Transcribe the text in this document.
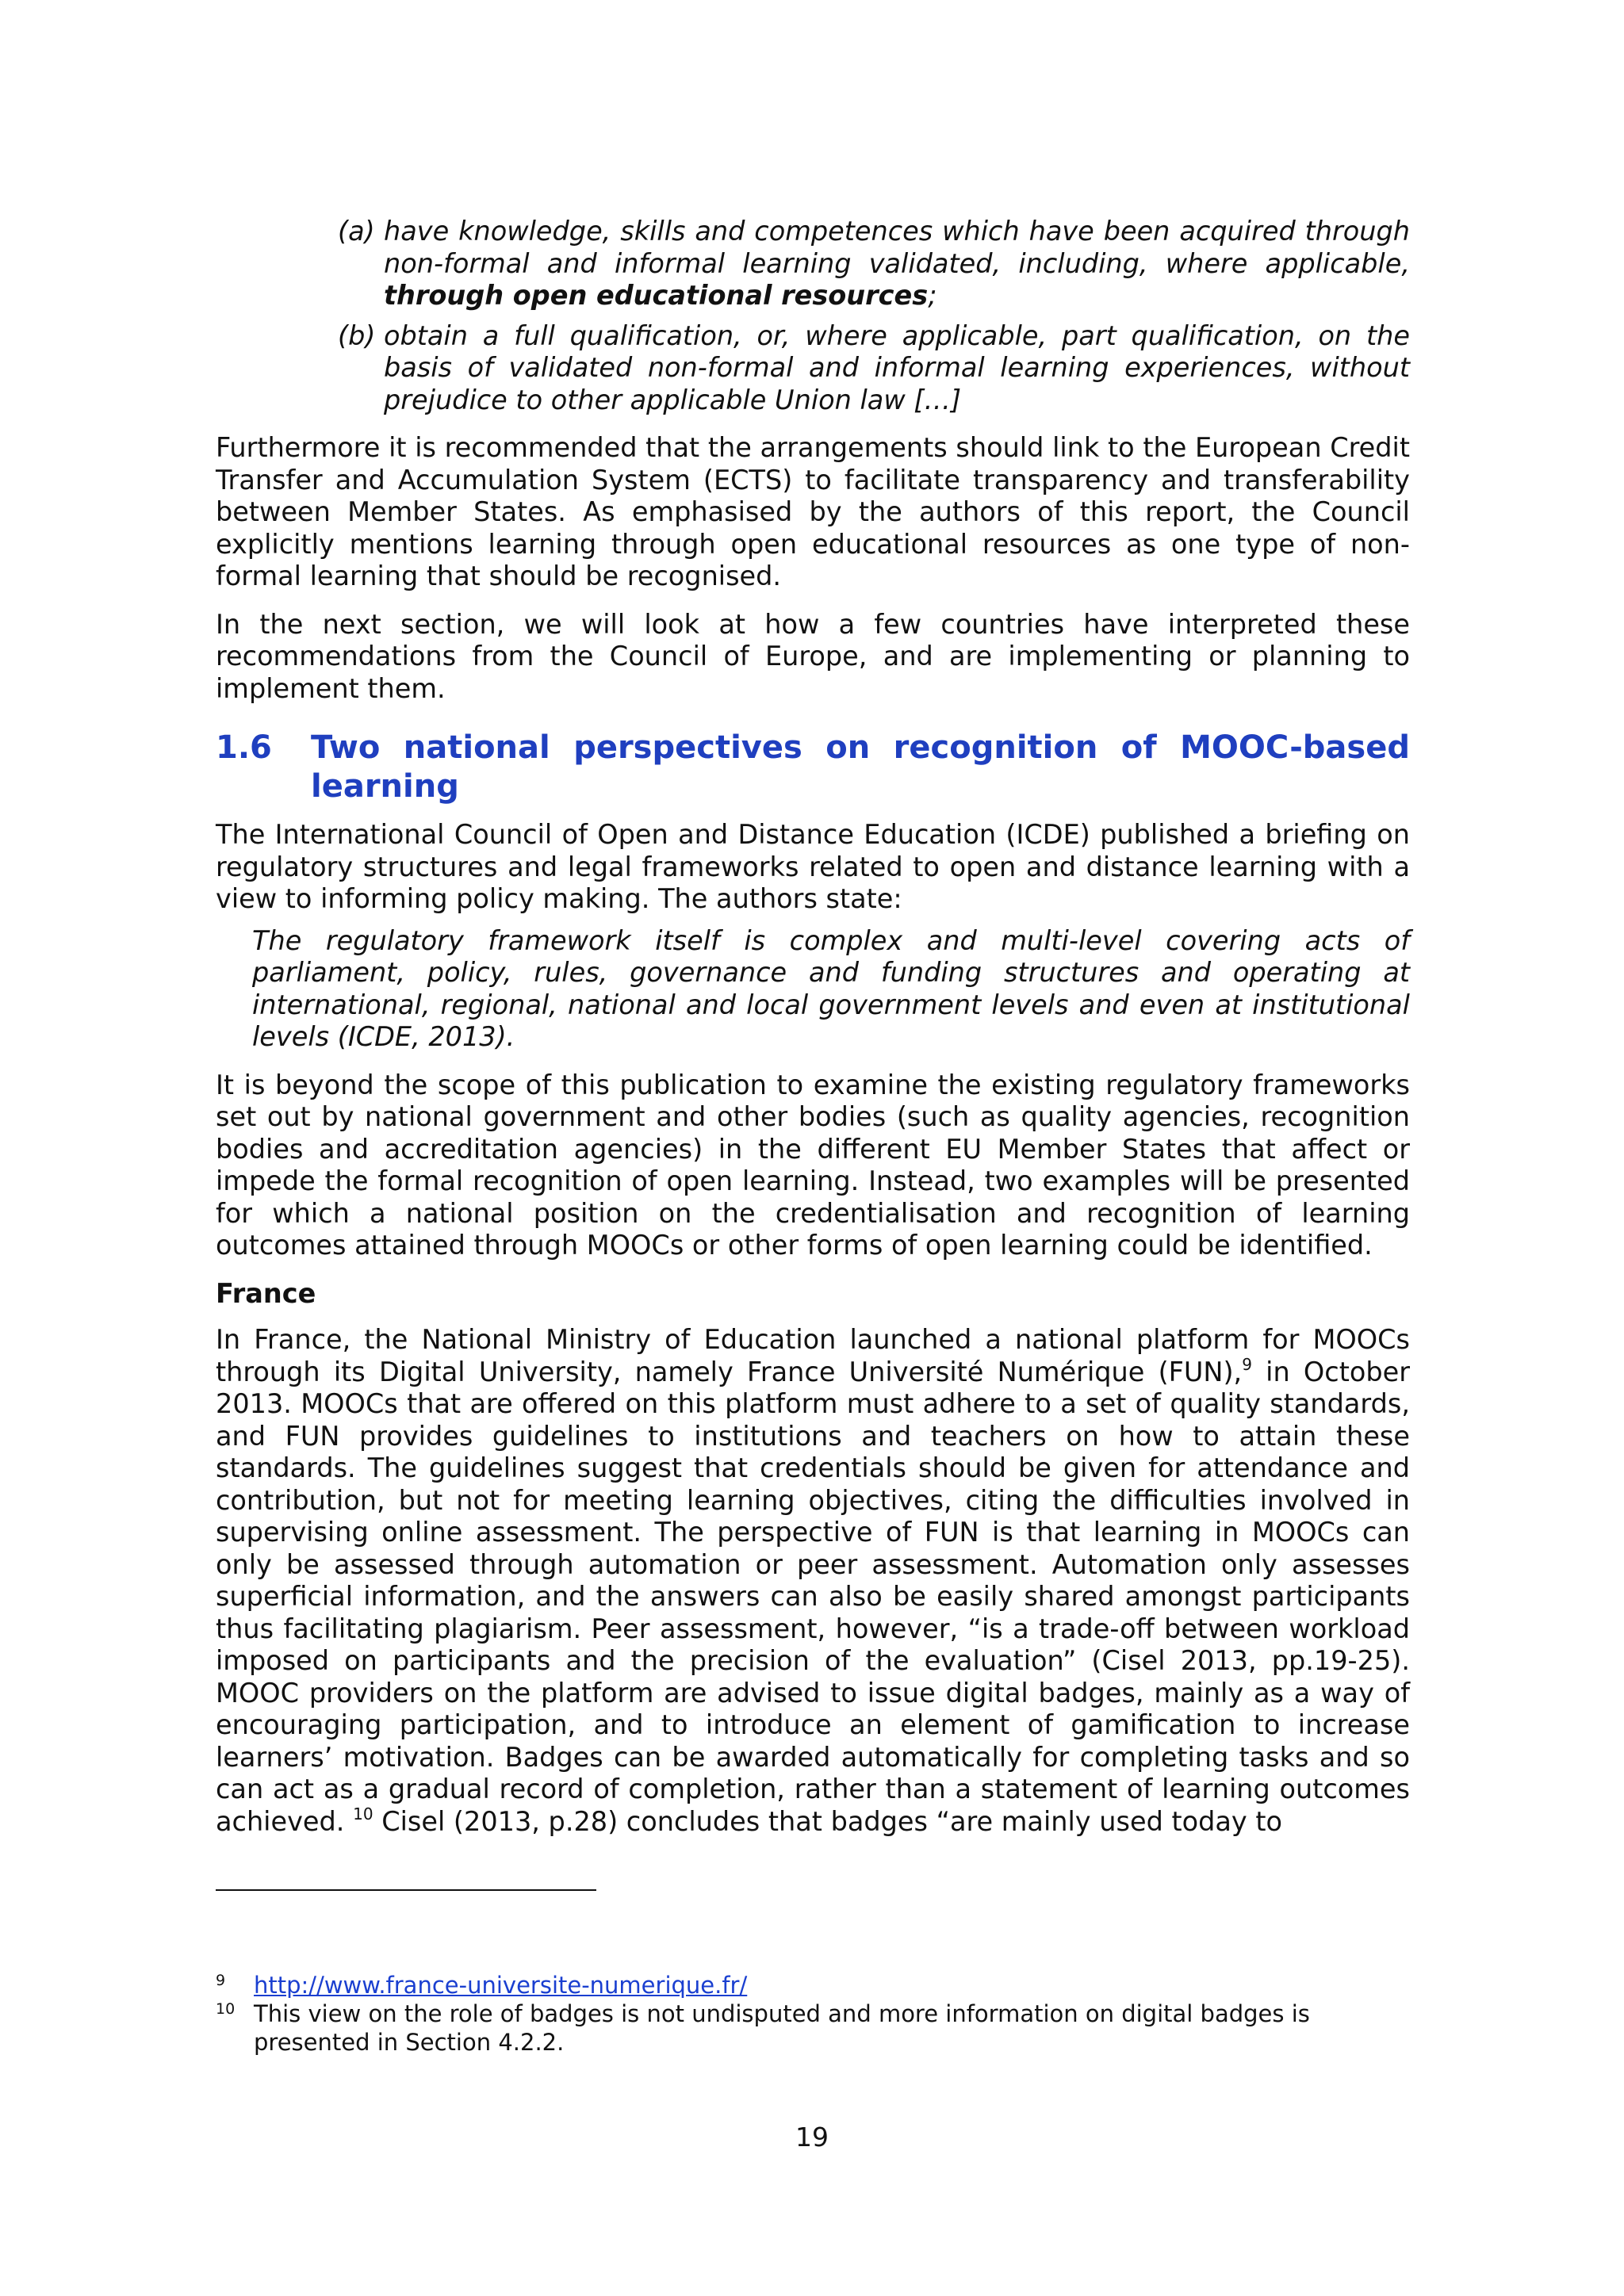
(a) have knowledge, skills and competences which have been acquired through non-formal and informal learning validated, including, where applicable, through open educational resources;
(b) obtain a full qualification, or, where applicable, part qualification, on the basis of validated non-formal and informal learning experiences, without prejudice to other applicable Union law […]

Furthermore it is recommended that the arrangements should link to the European Credit Transfer and Accumulation System (ECTS) to facilitate transparency and transferability between Member States. As emphasised by the authors of this report, the Council explicitly mentions learning through open educational resources as one type of non-formal learning that should be recognised.

In the next section, we will look at how a few countries have interpreted these recommendations from the Council of Europe, and are implementing or planning to implement them.

1.6	Two national perspectives on recognition of MOOC-based learning

The International Council of Open and Distance Education (ICDE) published a briefing on regulatory structures and legal frameworks related to open and distance learning with a view to informing policy making. The authors state:

The regulatory framework itself is complex and multi-level covering acts of parliament, policy, rules, governance and funding structures and operating at international, regional, national and local government levels and even at institutional levels (ICDE, 2013).

It is beyond the scope of this publication to examine the existing regulatory frameworks set out by national government and other bodies (such as quality agencies, recognition bodies and accreditation agencies) in the different EU Member States that affect or impede the formal recognition of open learning. Instead, two examples will be presented for which a national position on the credentialisation and recognition of learning outcomes attained through MOOCs or other forms of open learning could be identified.

France

In France, the National Ministry of Education launched a national platform for MOOCs through its Digital University, namely France Université Numérique (FUN),$^9$ in October 2013. MOOCs that are offered on this platform must adhere to a set of quality standards, and FUN provides guidelines to institutions and teachers on how to attain these standards. The guidelines suggest that credentials should be given for attendance and contribution, but not for meeting learning objectives, citing the difficulties involved in supervising online assessment. The perspective of FUN is that learning in MOOCs can only be assessed through automation or peer assessment. Automation only assesses superficial information, and the answers can also be easily shared amongst participants thus facilitating plagiarism. Peer assessment, however, “is a trade-off between workload imposed on participants and the precision of the evaluation” (Cisel 2013, pp.19-25). MOOC providers on the platform are advised to issue digital badges, mainly as a way of encouraging participation, and to introduce an element of gamification to increase learners’ motivation. Badges can be awarded automatically for completing tasks and so can act as a gradual record of completion, rather than a statement of learning outcomes achieved. $^{10}$ Cisel (2013, p.28) concludes that badges “are mainly used today to

9	http://www.france-universite-numerique.fr/
10 This view on the role of badges is not undisputed and more information on digital badges is presented in Section 4.2.2.
19
